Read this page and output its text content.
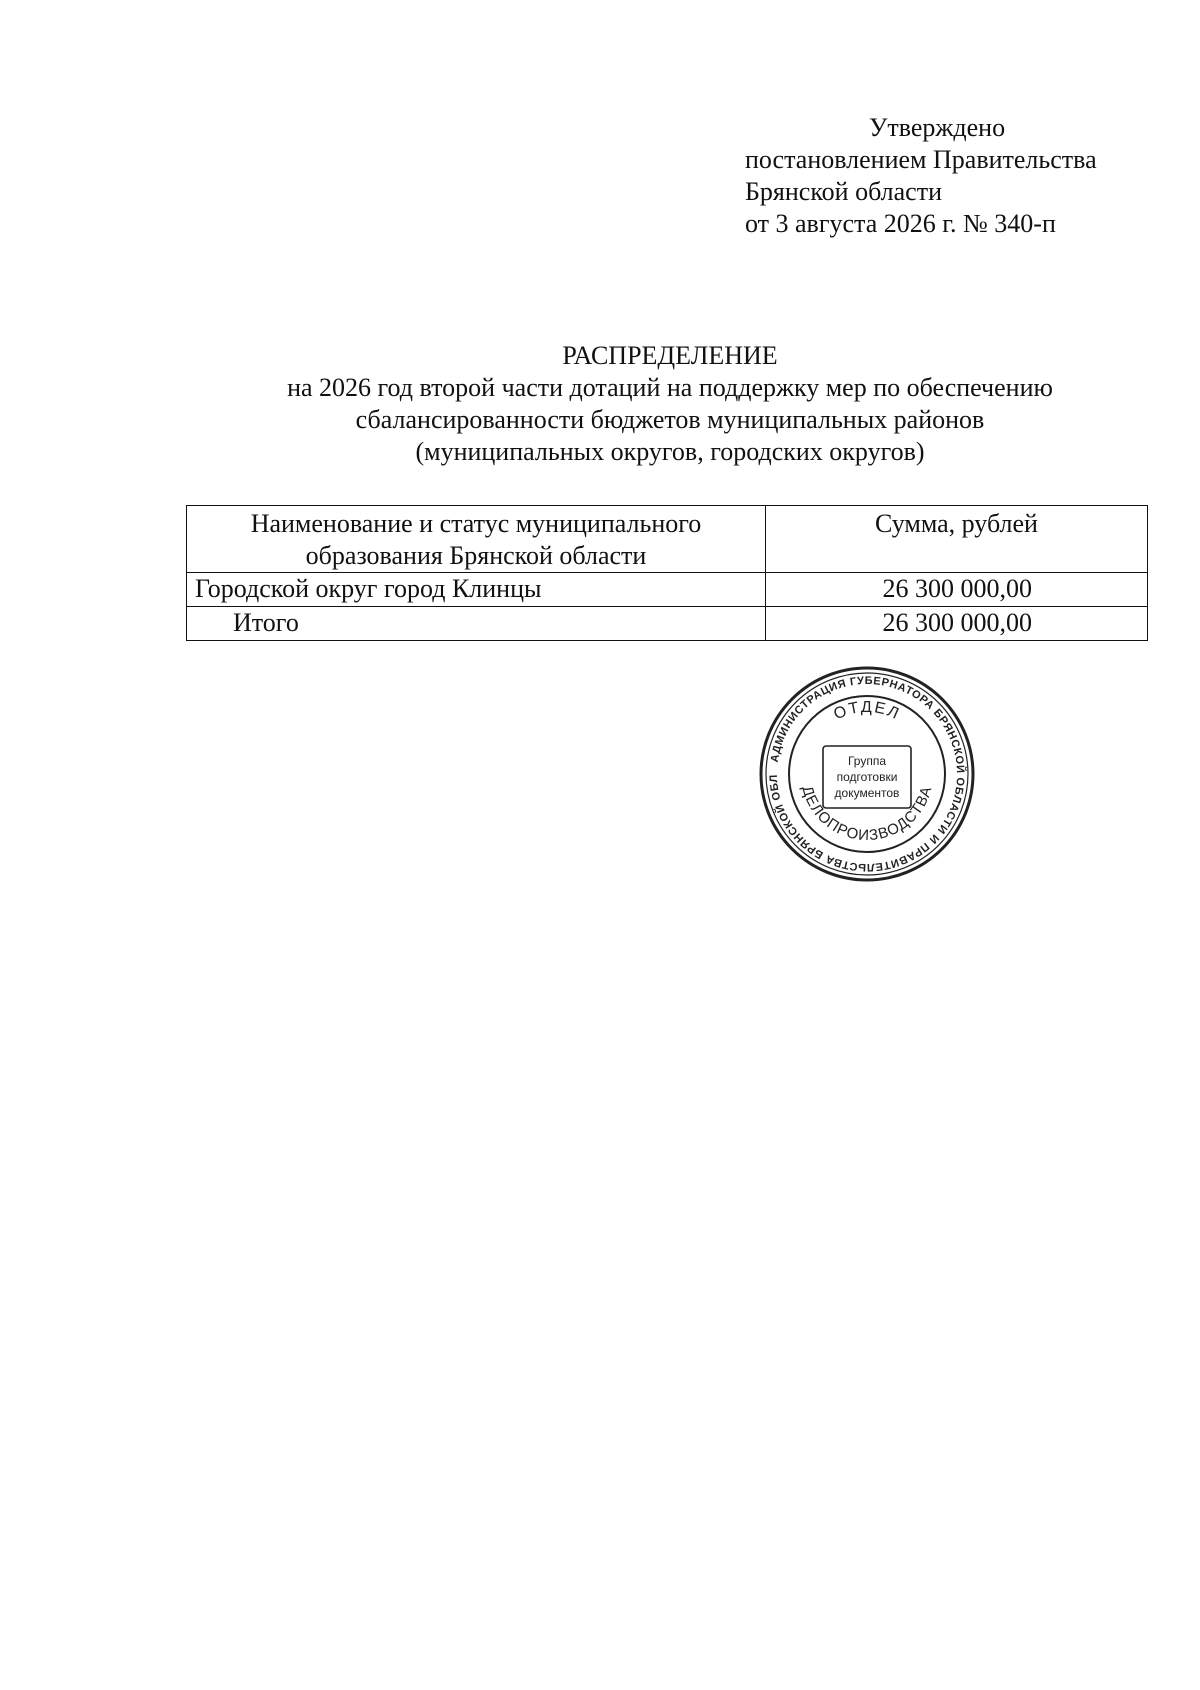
Утверждено
постановлением Правительства
Брянской области
от 3 августа 2026 г. № 340-п
РАСПРЕДЕЛЕНИЕ
на 2026 год второй части дотаций на поддержку мер по обеспечению
сбалансированности бюджетов муниципальных районов
(муниципальных округов, городских округов)
Наименование и статус муниципального образования Брянской области	Сумма, рублей
Городской округ город Клинцы	26 300 000,00
Итого	26 300 000,00
АДМИНИСТРАЦИЯ ГУБЕРНАТОРА БРЯНСКОЙ ОБЛАСТИ И ПРАВИТЕЛЬСТВА БРЯНСКОЙ ОБЛ
ОТДЕЛ
ДЕЛОПРОИЗВОДСТВА
Группа
подготовки
документов
